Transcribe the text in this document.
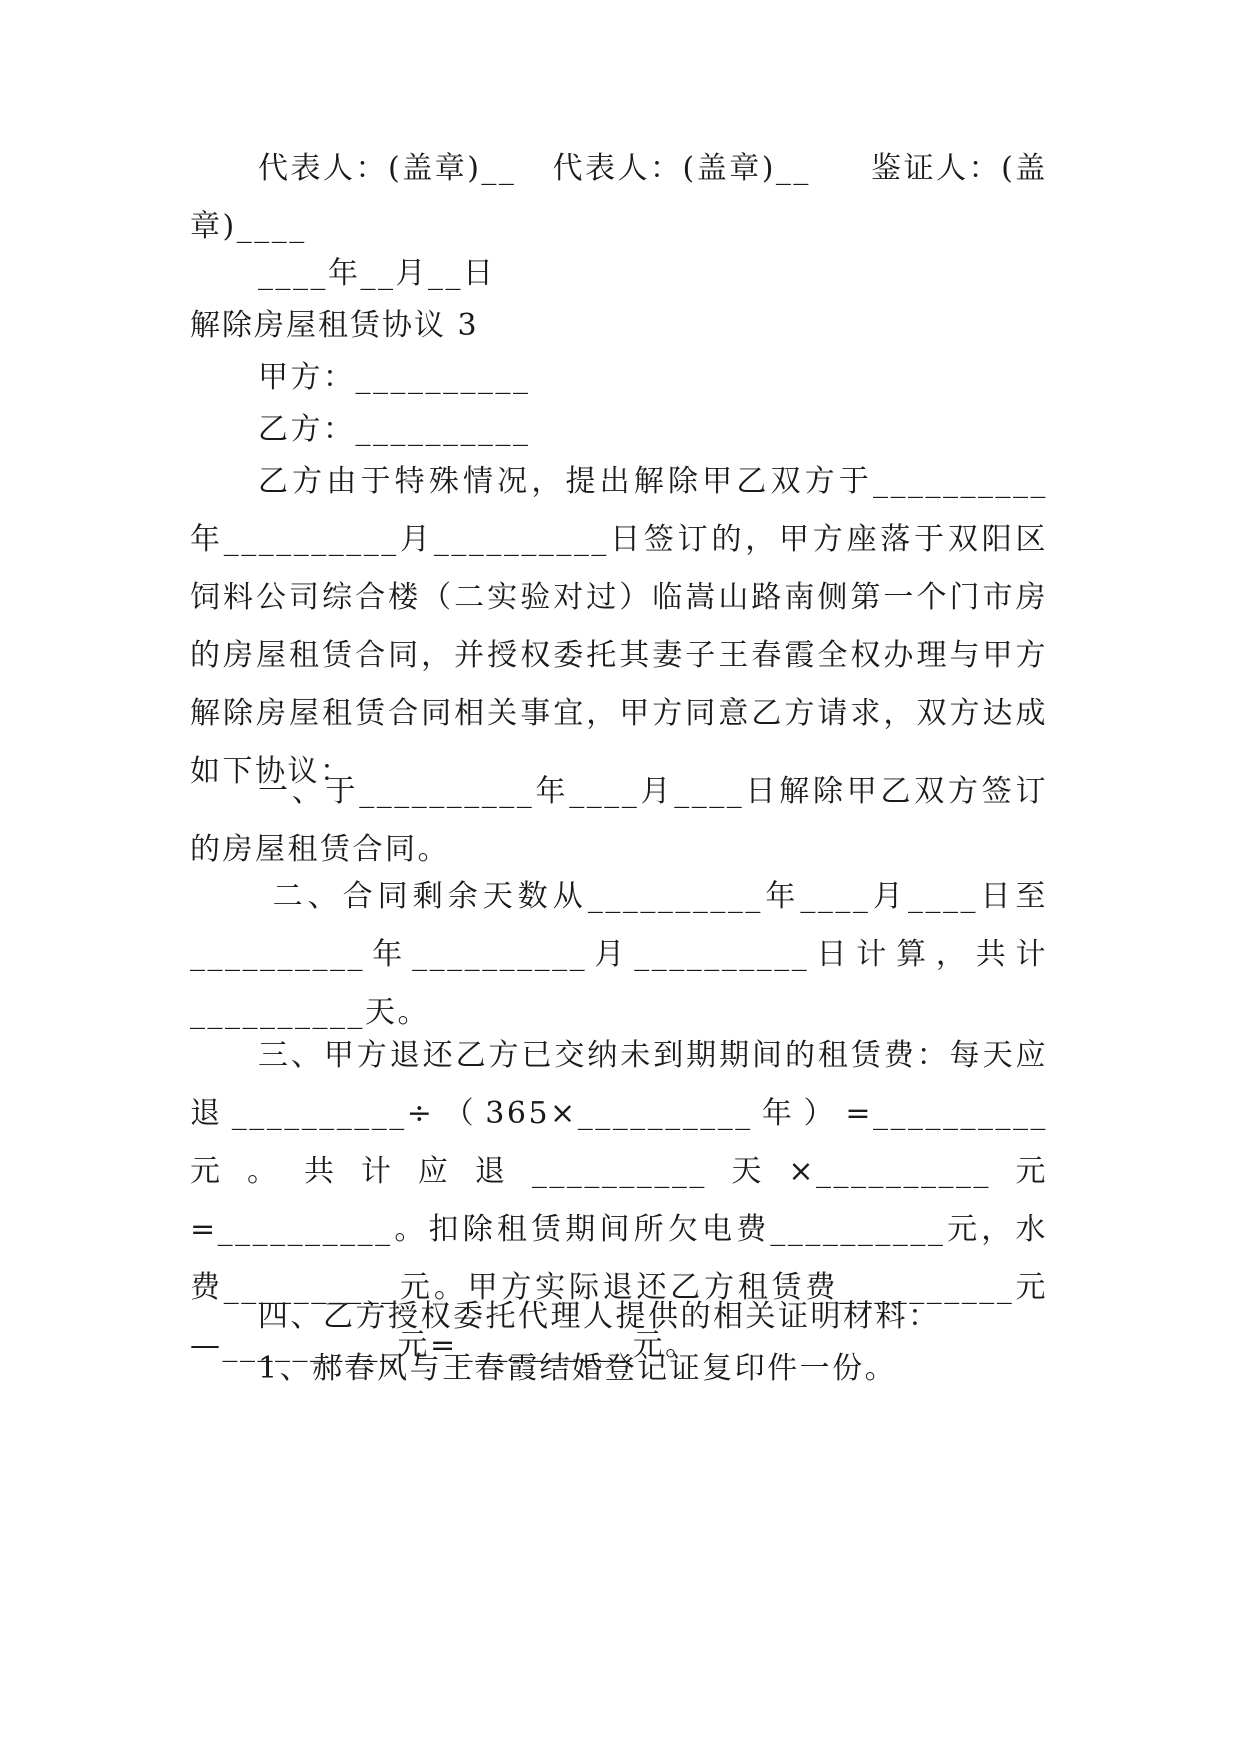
代表人：(盖章)__   代表人：(盖章)__     鉴证人：(盖章)____

____年__月__日

解除房屋租赁协议 3

甲方：__________

乙方：__________

乙方由于特殊情况，提出解除甲乙双方于__________年__________月__________日签订的，甲方座落于双阳区饲料公司综合楼（二实验对过）临嵩山路南侧第一个门市房的房屋租赁合同，并授权委托其妻子王春霞全权办理与甲方解除房屋租赁合同相关事宜，甲方同意乙方请求，双方达成如下协议：

一、于__________年____月____日解除甲乙双方签订的房屋租赁合同。

二、合同剩余天数从__________年____月____日至__________年__________月__________日计算，共计__________天。

三、甲方退还乙方已交纳未到期期间的租赁费：每天应退__________÷（365×__________年）=__________元。共计应退__________天×__________元=__________。扣除租赁期间所欠电费__________元，水费__________元。甲方实际退还乙方租赁费__________元—__________元=__________元。

四、乙方授权委托代理人提供的相关证明材料：

1、郝春风与王春霞结婚登记证复印件一份。
